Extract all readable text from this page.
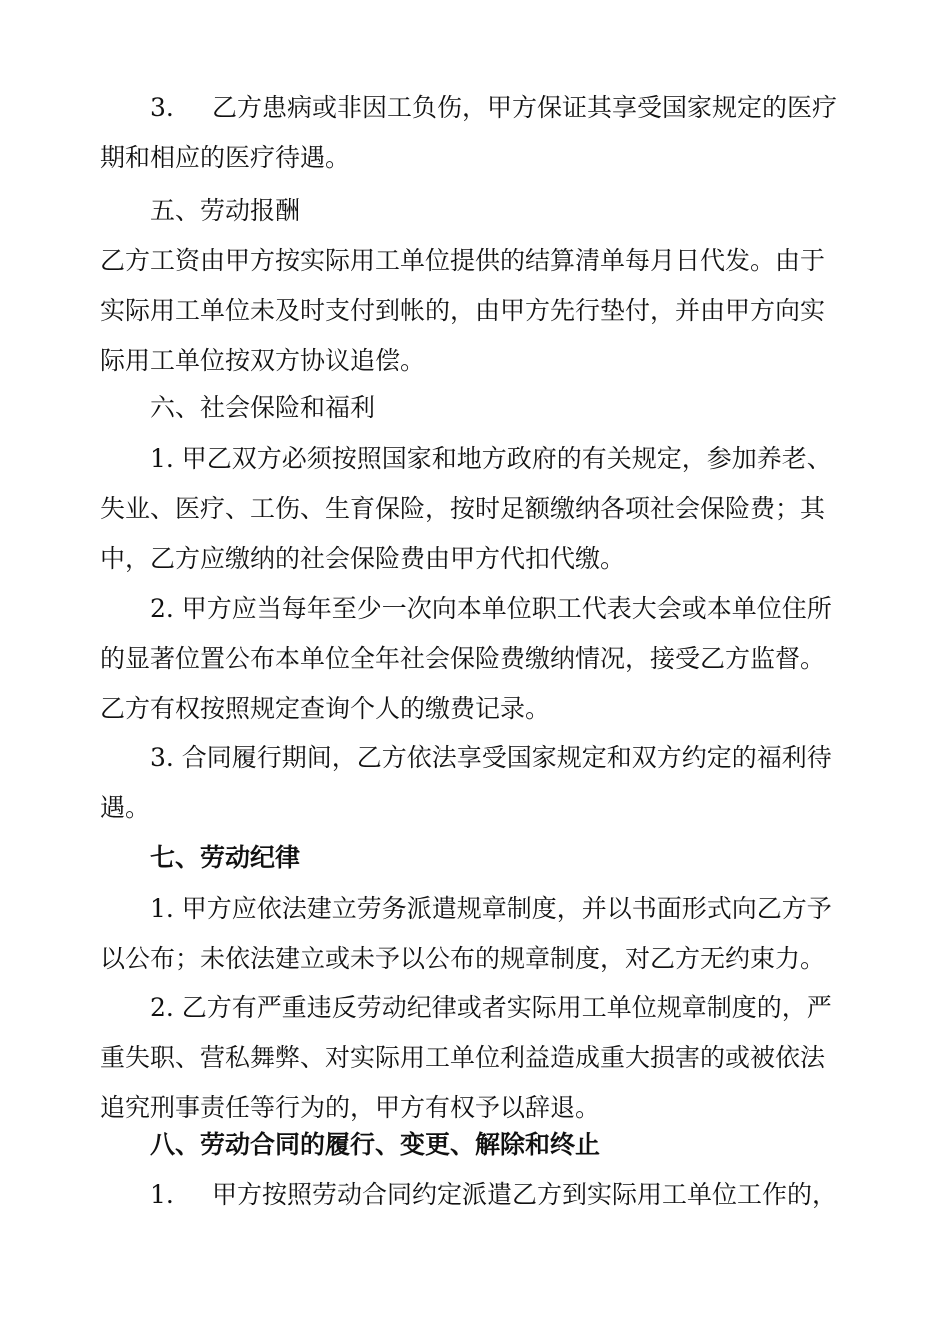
3. 乙方患病或非因工负伤，甲方保证其享受国家规定的医疗
期和相应的医疗待遇。
五、劳动报酬
乙方工资由甲方按实际用工单位提供的结算清单每月日代发。由于
实际用工单位未及时支付到帐的，由甲方先行垫付，并由甲方向实
际用工单位按双方协议追偿。
六、社会保险和福利
1. 甲乙双方必须按照国家和地方政府的有关规定，参加养老、
失业、医疗、工伤、生育保险，按时足额缴纳各项社会保险费；其
中，乙方应缴纳的社会保险费由甲方代扣代缴。
2. 甲方应当每年至少一次向本单位职工代表大会或本单位住所
的显著位置公布本单位全年社会保险费缴纳情况，接受乙方监督。
乙方有权按照规定查询个人的缴费记录。
3. 合同履行期间，乙方依法享受国家规定和双方约定的福利待
遇。
七、劳动纪律
1. 甲方应依法建立劳务派遣规章制度，并以书面形式向乙方予
以公布；未依法建立或未予以公布的规章制度，对乙方无约束力。
2. 乙方有严重违反劳动纪律或者实际用工单位规章制度的，严
重失职、营私舞弊、对实际用工单位利益造成重大损害的或被依法
追究刑事责任等行为的，甲方有权予以辞退。
八、劳动合同的履行、变更、解除和终止
1. 甲方按照劳动合同约定派遣乙方到实际用工单位工作的，
